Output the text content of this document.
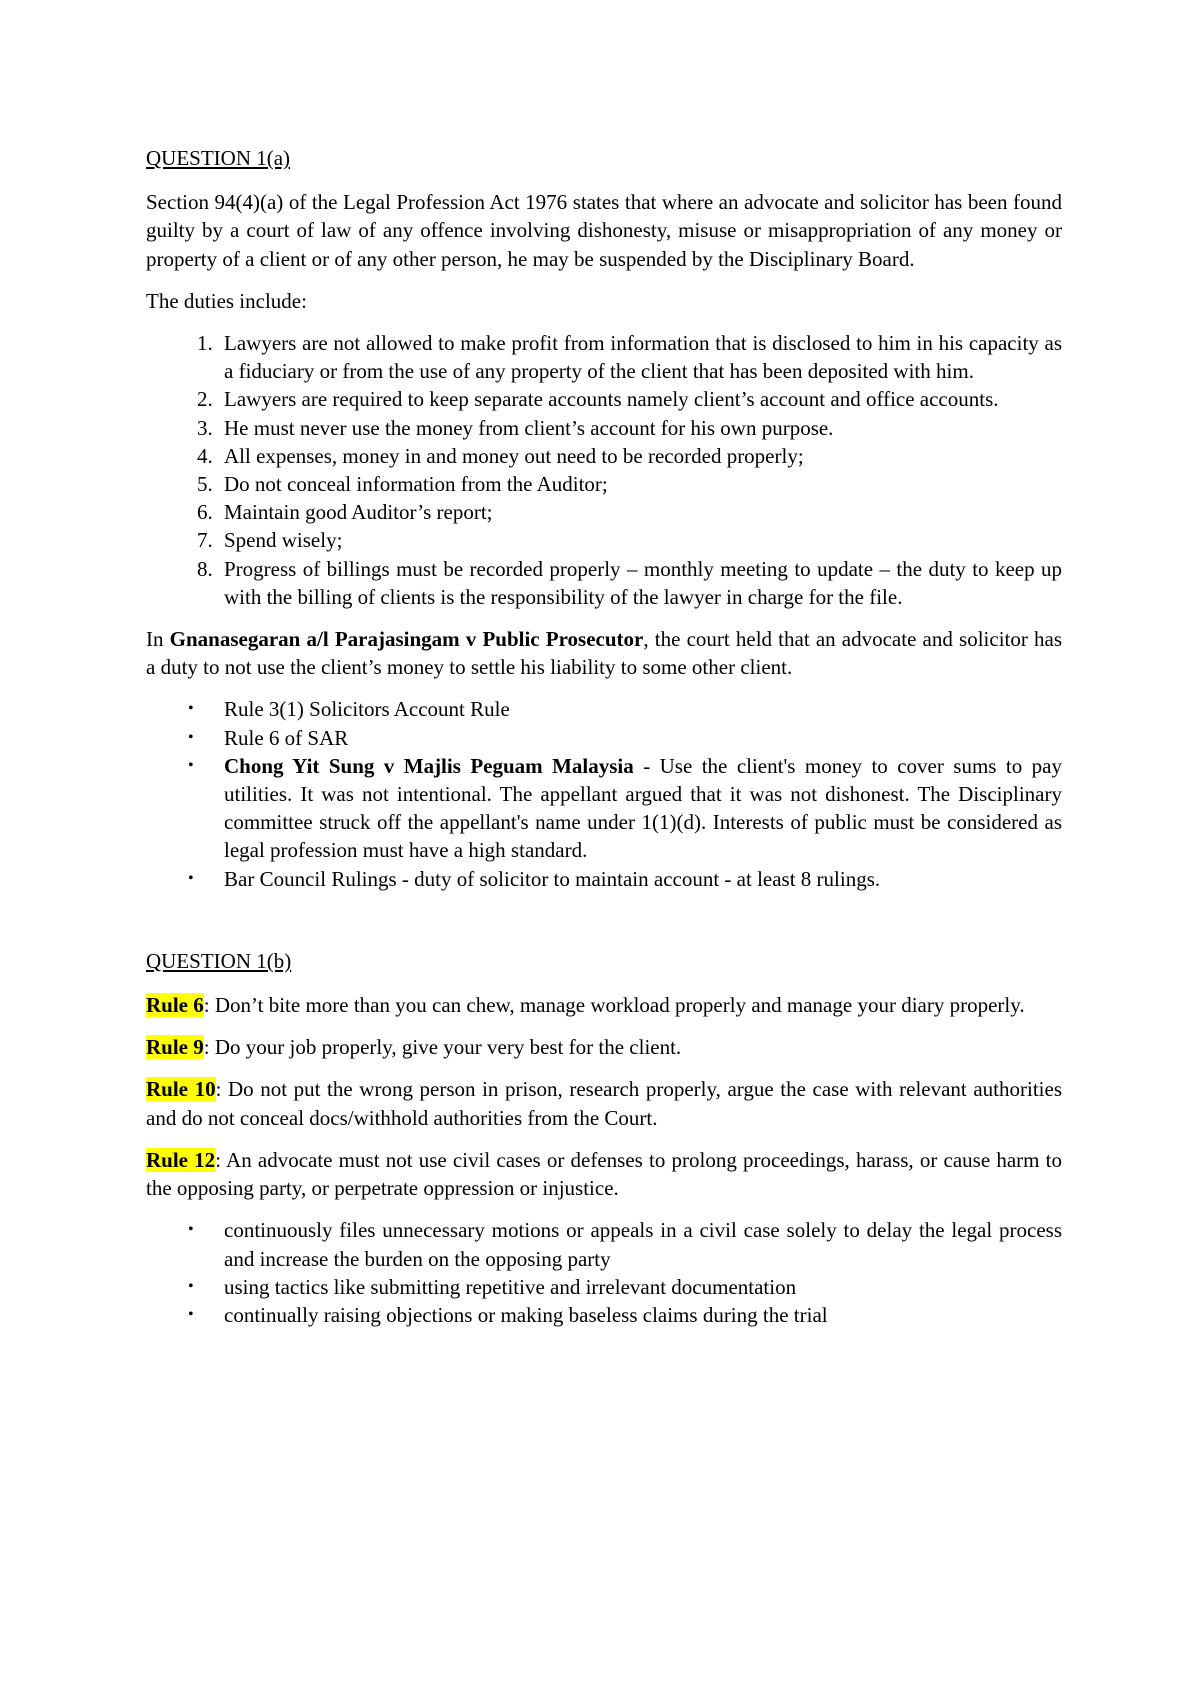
QUESTION 1(a)

Section 94(4)(a) of the Legal Profession Act 1976 states that where an advocate and solicitor has been found guilty by a court of law of any offence involving dishonesty, misuse or misappropriation of any money or property of a client or of any other person, he may be suspended by the Disciplinary Board.

The duties include:

1. Lawyers are not allowed to make profit from information that is disclosed to him in his capacity as a fiduciary or from the use of any property of the client that has been deposited with him.
2. Lawyers are required to keep separate accounts namely client’s account and office accounts.
3. He must never use the money from client’s account for his own purpose.
4. All expenses, money in and money out need to be recorded properly;
5. Do not conceal information from the Auditor;
6. Maintain good Auditor’s report;
7. Spend wisely;
8. Progress of billings must be recorded properly – monthly meeting to update – the duty to keep up with the billing of clients is the responsibility of the lawyer in charge for the file.

In Gnanasegaran a/l Parajasingam v Public Prosecutor, the court held that an advocate and solicitor has a duty to not use the client’s money to settle his liability to some other client.

• Rule 3(1) Solicitors Account Rule
• Rule 6 of SAR
• Chong Yit Sung v Majlis Peguam Malaysia - Use the client's money to cover sums to pay utilities. It was not intentional. The appellant argued that it was not dishonest. The Disciplinary committee struck off the appellant's name under 1(1)(d). Interests of public must be considered as legal profession must have a high standard.
• Bar Council Rulings - duty of solicitor to maintain account - at least 8 rulings.

QUESTION 1(b)

Rule 6: Don’t bite more than you can chew, manage workload properly and manage your diary properly.

Rule 9: Do your job properly, give your very best for the client.

Rule 10: Do not put the wrong person in prison, research properly, argue the case with relevant authorities and do not conceal docs/withhold authorities from the Court.

Rule 12: An advocate must not use civil cases or defenses to prolong proceedings, harass, or cause harm to the opposing party, or perpetrate oppression or injustice.

• continuously files unnecessary motions or appeals in a civil case solely to delay the legal process and increase the burden on the opposing party
• using tactics like submitting repetitive and irrelevant documentation
• continually raising objections or making baseless claims during the trial
